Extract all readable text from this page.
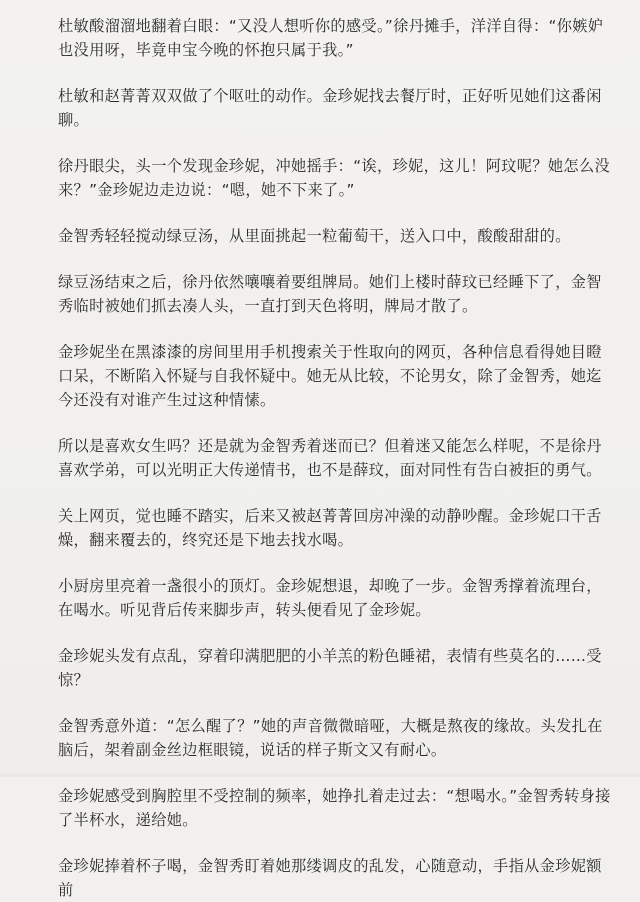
杜敏酸溜溜地翻着白眼：“又没人想听你的感受。”徐丹摊手，洋洋自得：“你嫉妒也没用呀，毕竟申宝今晚的怀抱只属于我。”

杜敏和赵菁菁双双做了个呕吐的动作。金珍妮找去餐厅时，正好听见她们这番闲聊。

徐丹眼尖，头一个发现金珍妮，冲她摇手：“诶，珍妮，这儿！阿玟呢？她怎么没来？”金珍妮边走边说：“嗯，她不下来了。”

金智秀轻轻搅动绿豆汤，从里面挑起一粒葡萄干，送入口中，酸酸甜甜的。

绿豆汤结束之后，徐丹依然嚷嚷着要组牌局。她们上楼时薛玟已经睡下了，金智秀临时被她们抓去凑人头，一直打到天色将明，牌局才散了。

金珍妮坐在黑漆漆的房间里用手机搜索关于性取向的网页，各种信息看得她目瞪口呆，不断陷入怀疑与自我怀疑中。她无从比较，不论男女，除了金智秀，她迄今还没有对谁产生过这种情愫。

所以是喜欢女生吗？还是就为金智秀着迷而已？但着迷又能怎么样呢，不是徐丹喜欢学弟，可以光明正大传递情书，也不是薛玟，面对同性有告白被拒的勇气。

关上网页，觉也睡不踏实，后来又被赵菁菁回房冲澡的动静吵醒。金珍妮口干舌燥，翻来覆去的，终究还是下地去找水喝。

小厨房里亮着一盏很小的顶灯。金珍妮想退，却晚了一步。金智秀撑着流理台，在喝水。听见背后传来脚步声，转头便看见了金珍妮。

金珍妮头发有点乱，穿着印满肥肥的小羊羔的粉色睡裙，表情有些莫名的……受惊？

金智秀意外道：“怎么醒了？”她的声音微微暗哑，大概是熬夜的缘故。头发扎在脑后，架着副金丝边框眼镜，说话的样子斯文又有耐心。

金珍妮感受到胸腔里不受控制的频率，她挣扎着走过去：“想喝水。”金智秀转身接了半杯水，递给她。

金珍妮捧着杯子喝，金智秀盯着她那缕调皮的乱发，心随意动，手指从金珍妮额前
